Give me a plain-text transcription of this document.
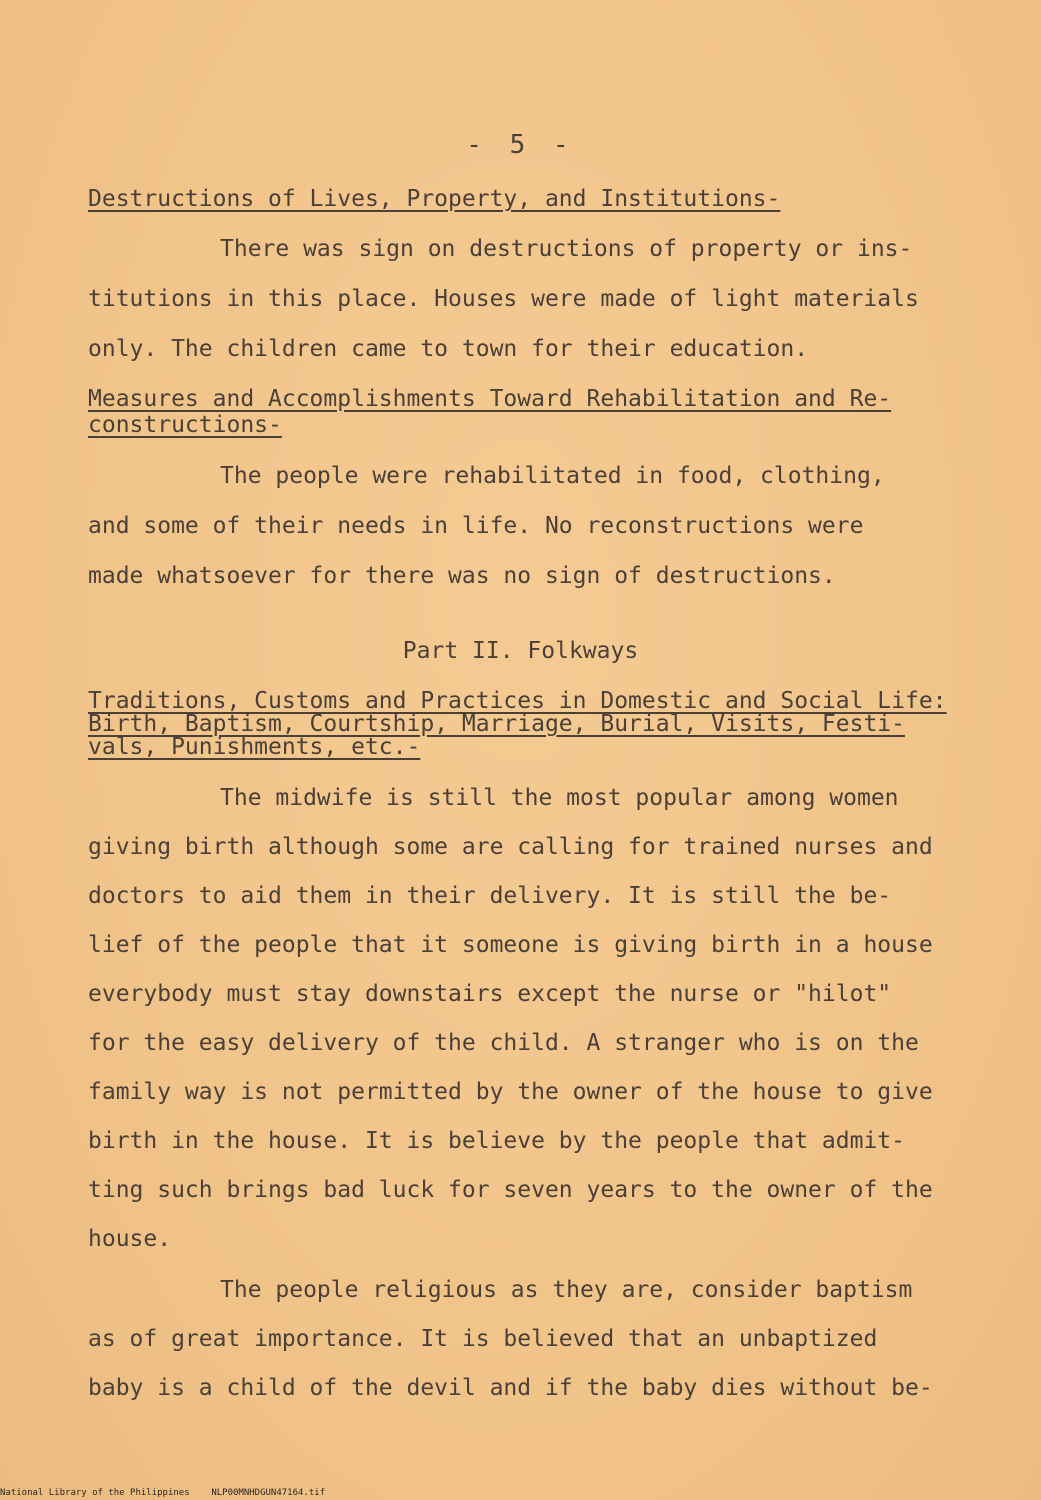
- 5 -
Destructions of Lives, Property, and Institutions-
There was sign on destructions of property or ins-
titutions in this place. Houses were made of light materials
only. The children came to town for their education.
Measures and Accomplishments Toward Rehabilitation and Re-
constructions-
The people were rehabilitated in food, clothing,
and some of their needs in life. No reconstructions were
made whatsoever for there was no sign of destructions.
Part II. Folkways
Traditions, Customs and Practices in Domestic and Social Life:
Birth, Baptism, Courtship, Marriage, Burial, Visits, Festi-
vals, Punishments, etc.-
The midwife is still the most popular among women
giving birth although some are calling for trained nurses and
doctors to aid them in their delivery. It is still the be-
lief of the people that it someone is giving birth in a house
everybody must stay downstairs except the nurse or "hilot"
for the easy delivery of the child. A stranger who is on the
family way is not permitted by the owner of the house to give
birth in the house. It is believe by the people that admit-
ting such brings bad luck for seven years to the owner of the
house.
The people religious as they are, consider baptism
as of great importance. It is believed that an unbaptized
baby is a child of the devil and if the baby dies without be-
National Library of the Philippines    NLP00MNHDGUN47164.tif
